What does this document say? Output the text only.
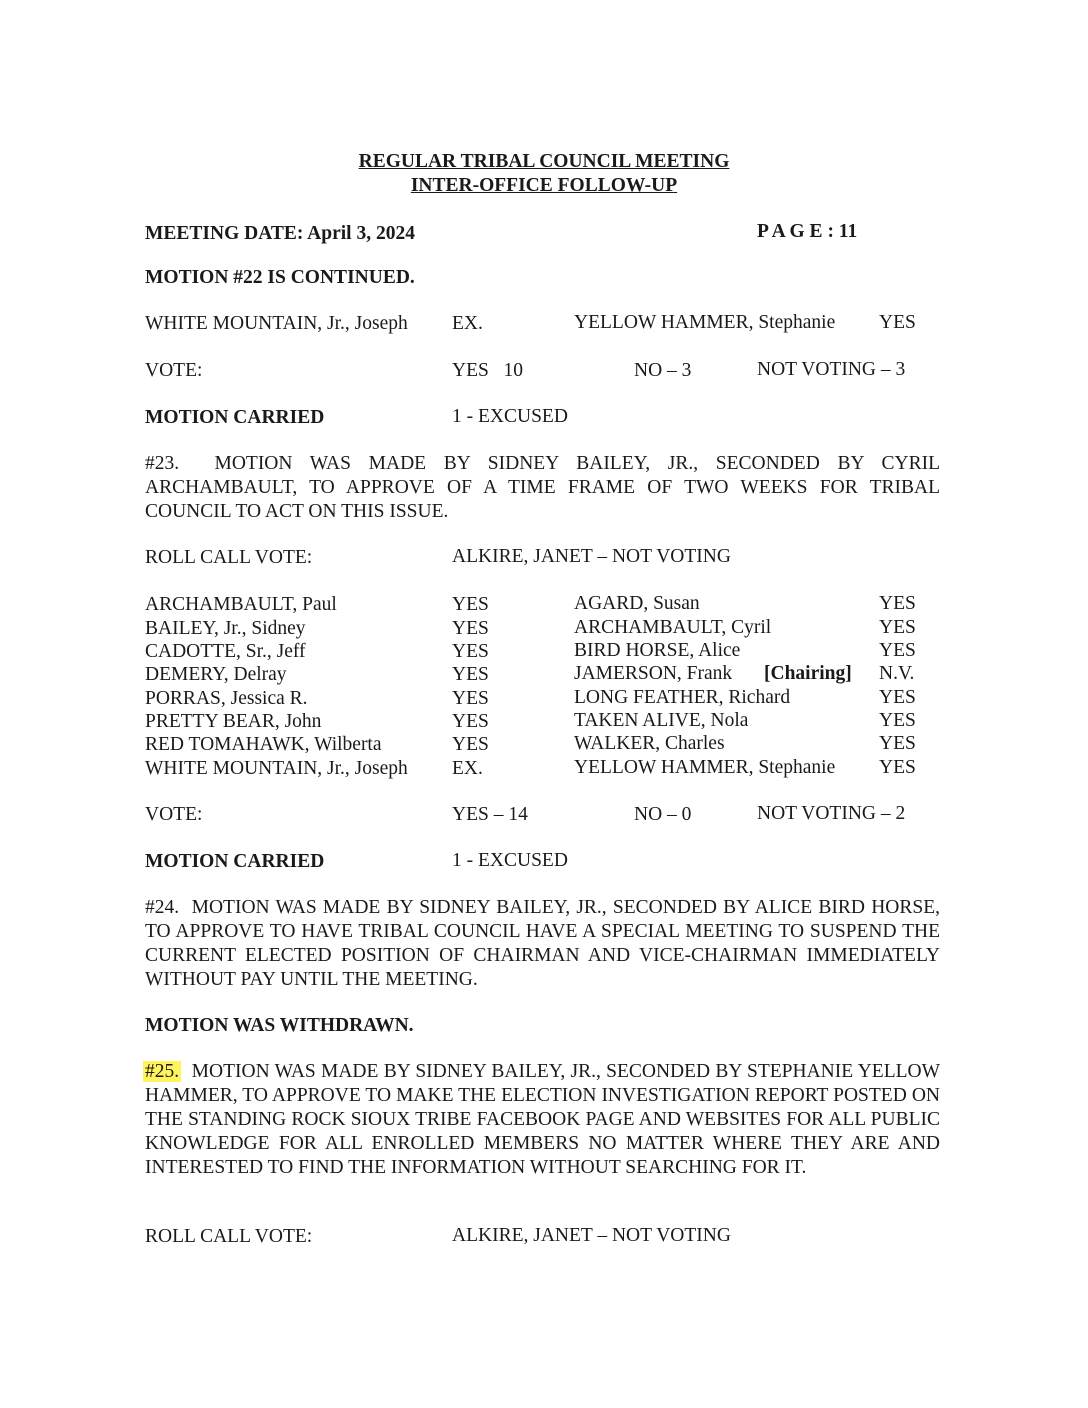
REGULAR TRIBAL COUNCIL MEETING
INTER-OFFICE FOLLOW-UP
MEETING DATE: April 3, 2024	P A G E : 11
MOTION #22 IS CONTINUED.
WHITE MOUNTAIN, Jr., Joseph EX.	YELLOW HAMMER, Stephanie YES
VOTE:	YES   10	NO – 3	NOT VOTING – 3
MOTION CARRIED	1 - EXCUSED
#23. MOTION WAS MADE BY SIDNEY BAILEY, JR., SECONDED BY CYRIL ARCHAMBAULT, TO APPROVE OF A TIME FRAME OF TWO WEEKS FOR TRIBAL COUNCIL TO ACT ON THIS ISSUE.
ROLL CALL VOTE:	ALKIRE, JANET – NOT VOTING
ARCHAMBAULT, Paul	YES	AGARD, Susan	YES
BAILEY, Jr., Sidney	YES	ARCHAMBAULT, Cyril	YES
CADOTTE, Sr., Jeff	YES	BIRD HORSE, Alice	YES
DEMERY, Delray	YES	JAMERSON, Frank [Chairing] N.V.
PORRAS, Jessica R.	YES	LONG FEATHER, Richard	YES
PRETTY BEAR, John	YES	TAKEN ALIVE, Nola	YES
RED TOMAHAWK, Wilberta	YES	WALKER, Charles	YES
WHITE MOUNTAIN, Jr., Joseph EX.	YELLOW HAMMER, Stephanie YES
VOTE:	YES – 14	NO – 0	NOT VOTING – 2
MOTION CARRIED	1 - EXCUSED
#24. MOTION WAS MADE BY SIDNEY BAILEY, JR., SECONDED BY ALICE BIRD HORSE, TO APPROVE TO HAVE TRIBAL COUNCIL HAVE A SPECIAL MEETING TO SUSPEND THE CURRENT ELECTED POSITION OF CHAIRMAN AND VICE-CHAIRMAN IMMEDIATELY WITHOUT PAY UNTIL THE MEETING.
MOTION WAS WITHDRAWN.
#25. MOTION WAS MADE BY SIDNEY BAILEY, JR., SECONDED BY STEPHANIE YELLOW HAMMER, TO APPROVE TO MAKE THE ELECTION INVESTIGATION REPORT POSTED ON THE STANDING ROCK SIOUX TRIBE FACEBOOK PAGE AND WEBSITES FOR ALL PUBLIC KNOWLEDGE FOR ALL ENROLLED MEMBERS NO MATTER WHERE THEY ARE AND INTERESTED TO FIND THE INFORMATION WITHOUT SEARCHING FOR IT.
ROLL CALL VOTE:	ALKIRE, JANET – NOT VOTING
